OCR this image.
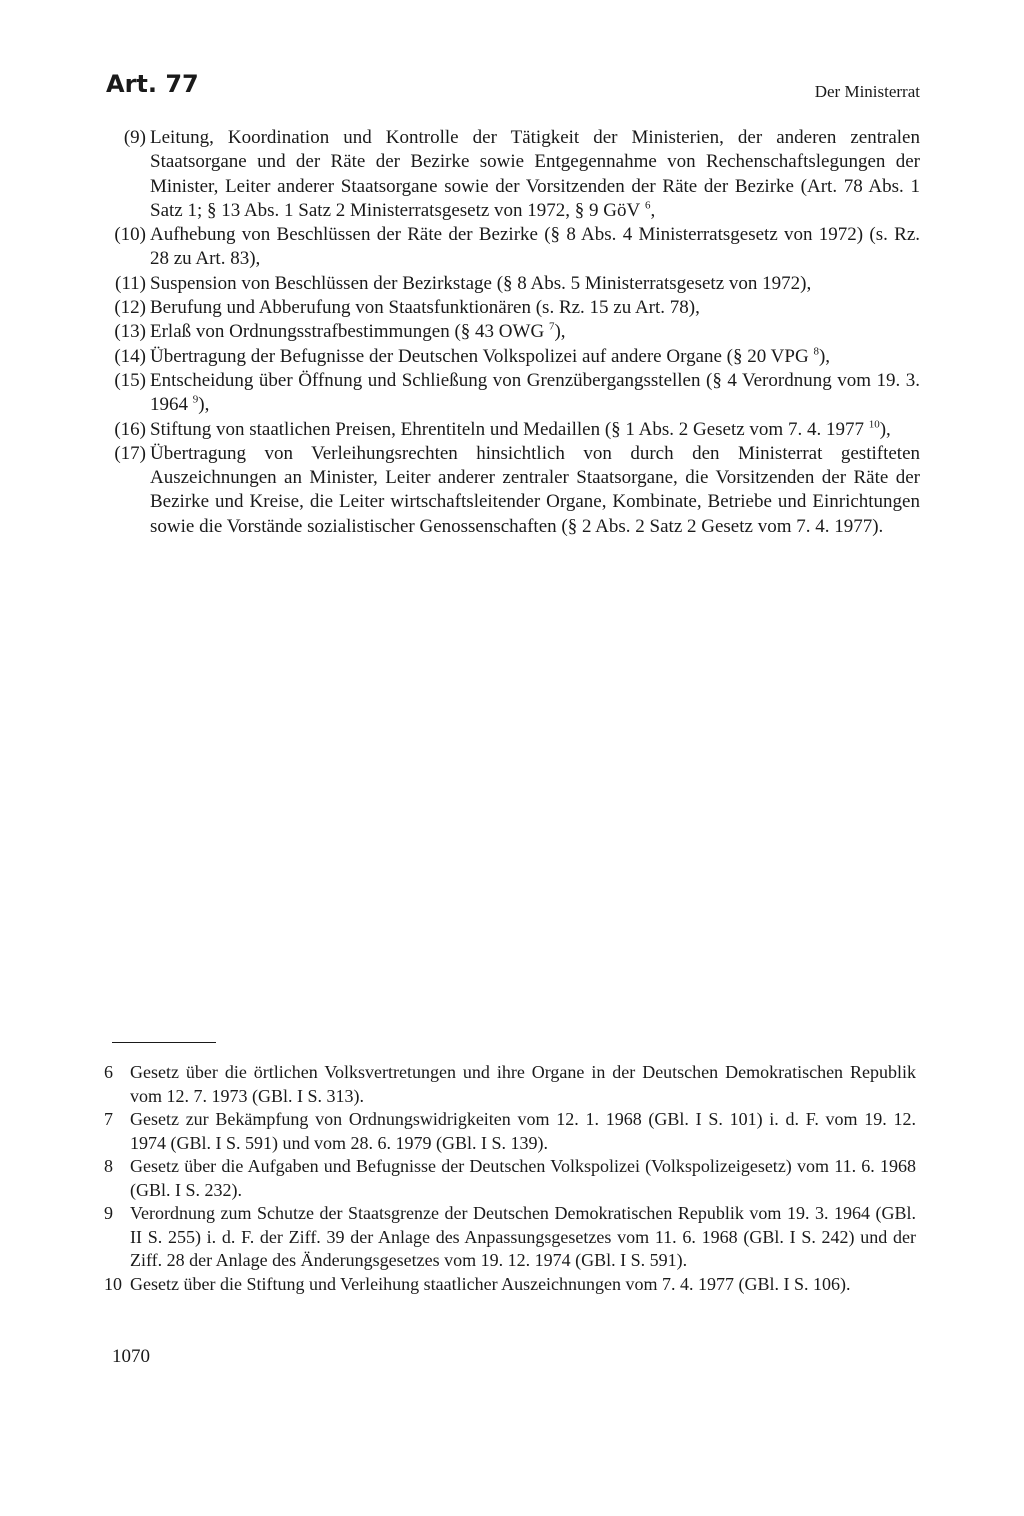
Art. 77	Der Ministerrat
(9) Leitung, Koordination und Kontrolle der Tätigkeit der Ministerien, der anderen zentralen Staatsorgane und der Räte der Bezirke sowie Entgegennahme von Rechenschaftslegungen der Minister, Leiter anderer Staatsorgane sowie der Vorsitzenden der Räte der Bezirke (Art. 78 Abs. 1 Satz 1; § 13 Abs. 1 Satz 2 Ministerratsgesetz von 1972, § 9 GöV $^6$,
(10) Aufhebung von Beschlüssen der Räte der Bezirke (§ 8 Abs. 4 Ministerratsgesetz von 1972) (s. Rz. 28 zu Art. 83),
(11) Suspension von Beschlüssen der Bezirkstage (§ 8 Abs. 5 Ministerratsgesetz von 1972),
(12) Berufung und Abberufung von Staatsfunktionären (s. Rz. 15 zu Art. 78),
(13) Erlaß von Ordnungsstrafbestimmungen (§ 43 OWG $^7$),
(14) Übertragung der Befugnisse der Deutschen Volkspolizei auf andere Organe (§ 20 VPG $^8$),
(15) Entscheidung über Öffnung und Schließung von Grenzübergangsstellen (§ 4 Verordnung vom 19. 3. 1964 $^9$),
(16) Stiftung von staatlichen Preisen, Ehrentiteln und Medaillen (§ 1 Abs. 2 Gesetz vom 7. 4. 1977 $^{10}$),
(17) Übertragung von Verleihungsrechten hinsichtlich von durch den Ministerrat gestifteten Auszeichnungen an Minister, Leiter anderer zentraler Staatsorgane, die Vorsitzenden der Räte der Bezirke und Kreise, die Leiter wirtschaftsleitender Organe, Kombinate, Betriebe und Einrichtungen sowie die Vorstände sozialistischer Genossenschaften (§ 2 Abs. 2 Satz 2 Gesetz vom 7. 4. 1977).
6 Gesetz über die örtlichen Volksvertretungen und ihre Organe in der Deutschen Demokratischen Republik vom 12. 7. 1973 (GBl. I S. 313).
7 Gesetz zur Bekämpfung von Ordnungswidrigkeiten vom 12. 1. 1968 (GBl. I S. 101) i. d. F. vom 19. 12. 1974 (GBl. I S. 591) und vom 28. 6. 1979 (GBl. I S. 139).
8 Gesetz über die Aufgaben und Befugnisse der Deutschen Volkspolizei (Volkspolizeigesetz) vom 11. 6. 1968 (GBl. I S. 232).
9 Verordnung zum Schutze der Staatsgrenze der Deutschen Demokratischen Republik vom 19. 3. 1964 (GBl. II S. 255) i. d. F. der Ziff. 39 der Anlage des Anpassungsgesetzes vom 11. 6. 1968 (GBl. I S. 242) und der Ziff. 28 der Anlage des Änderungsgesetzes vom 19. 12. 1974 (GBl. I S. 591).
10 Gesetz über die Stiftung und Verleihung staatlicher Auszeichnungen vom 7. 4. 1977 (GBl. I S. 106).
1070
